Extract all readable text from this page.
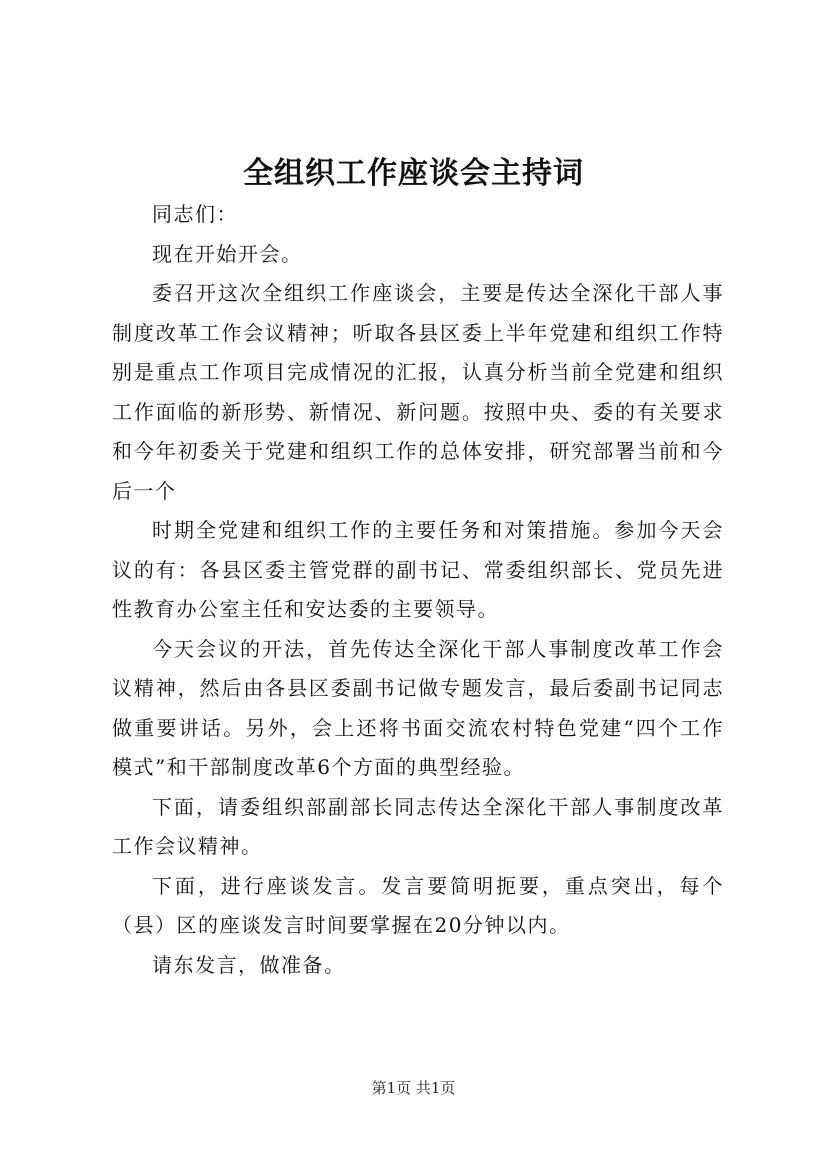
全组织工作座谈会主持词

同志们：

现在开始开会。

委召开这次全组织工作座谈会，主要是传达全深化干部人事制度改革工作会议精神；听取各县区委上半年党建和组织工作特别是重点工作项目完成情况的汇报，认真分析当前全党建和组织工作面临的新形势、新情况、新问题。按照中央、委的有关要求和今年初委关于党建和组织工作的总体安排，研究部署当前和今后一个

时期全党建和组织工作的主要任务和对策措施。参加今天会议的有：各县区委主管党群的副书记、常委组织部长、党员先进性教育办公室主任和安达委的主要领导。

今天会议的开法，首先传达全深化干部人事制度改革工作会议精神，然后由各县区委副书记做专题发言，最后委副书记同志做重要讲话。另外，会上还将书面交流农村特色党建“四个工作模式”和干部制度改革6个方面的典型经验。

下面，请委组织部副部长同志传达全深化干部人事制度改革工作会议精神。

下面，进行座谈发言。发言要简明扼要，重点突出，每个（县）区的座谈发言时间要掌握在20分钟以内。

请东发言，做准备。

第1页 共1页
